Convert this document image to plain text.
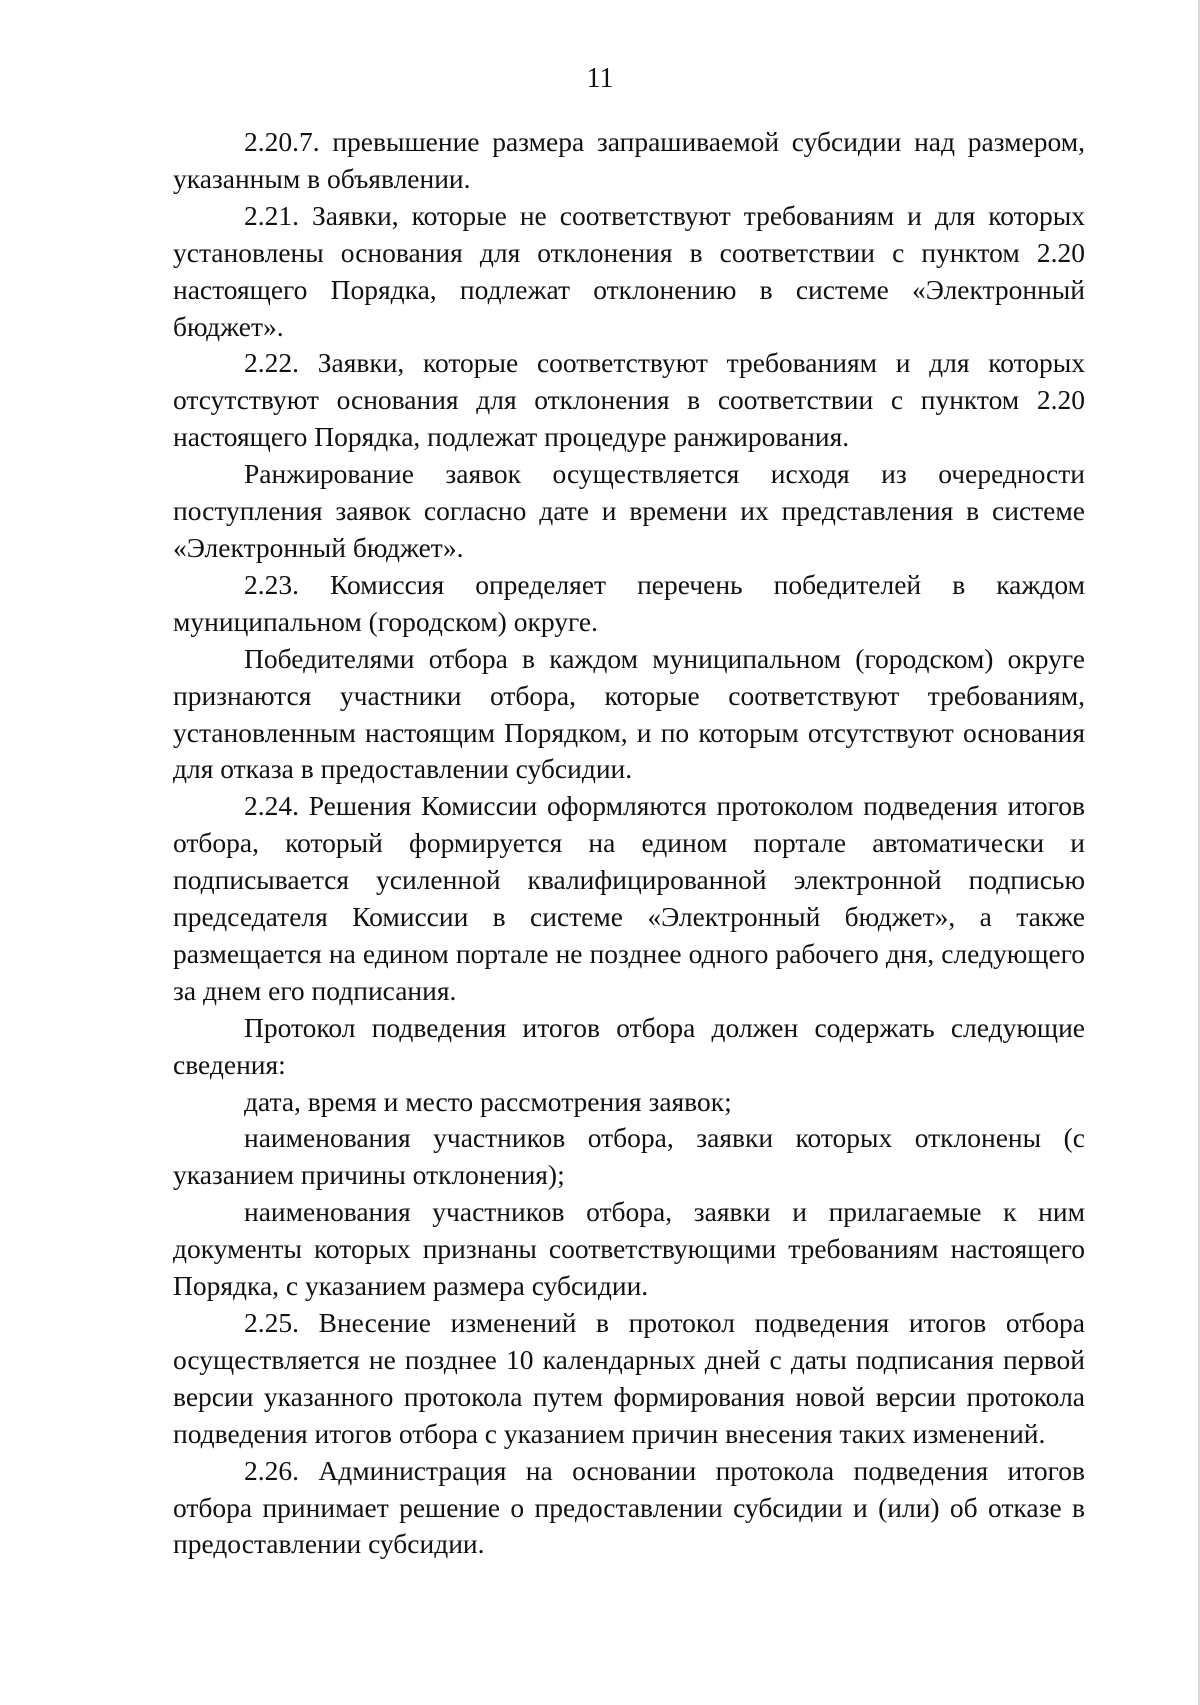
11

2.20.7. превышение размера запрашиваемой субсидии над размером, указанным в объявлении.

2.21. Заявки, которые не соответствуют требованиям и для которых установлены основания для отклонения в соответствии с пунктом 2.20 настоящего Порядка, подлежат отклонению в системе «Электронный бюджет».

2.22. Заявки, которые соответствуют требованиям и для которых отсутствуют основания для отклонения в соответствии с пунктом 2.20 настоящего Порядка, подлежат процедуре ранжирования.

Ранжирование заявок осуществляется исходя из очередности поступления заявок согласно дате и времени их представления в системе «Электронный бюджет».

2.23. Комиссия определяет перечень победителей в каждом муниципальном (городском) округе.

Победителями отбора в каждом муниципальном (городском) округе признаются участники отбора, которые соответствуют требованиям, установленным настоящим Порядком, и по которым отсутствуют основания для отказа в предоставлении субсидии.

2.24. Решения Комиссии оформляются протоколом подведения итогов отбора, который формируется на едином портале автоматически и подписывается усиленной квалифицированной электронной подписью председателя Комиссии в системе «Электронный бюджет», а также размещается на едином портале не позднее одного рабочего дня, следующего за днем его подписания.

Протокол подведения итогов отбора должен содержать следующие сведения:

дата, время и место рассмотрения заявок;

наименования участников отбора, заявки которых отклонены (с указанием причины отклонения);

наименования участников отбора, заявки и прилагаемые к ним документы которых признаны соответствующими требованиям настоящего Порядка, с указанием размера субсидии.

2.25. Внесение изменений в протокол подведения итогов отбора осуществляется не позднее 10 календарных дней с даты подписания первой версии указанного протокола путем формирования новой версии протокола подведения итогов отбора с указанием причин внесения таких изменений.

2.26. Администрация на основании протокола подведения итогов отбора принимает решение о предоставлении субсидии и (или) об отказе в предоставлении субсидии.
